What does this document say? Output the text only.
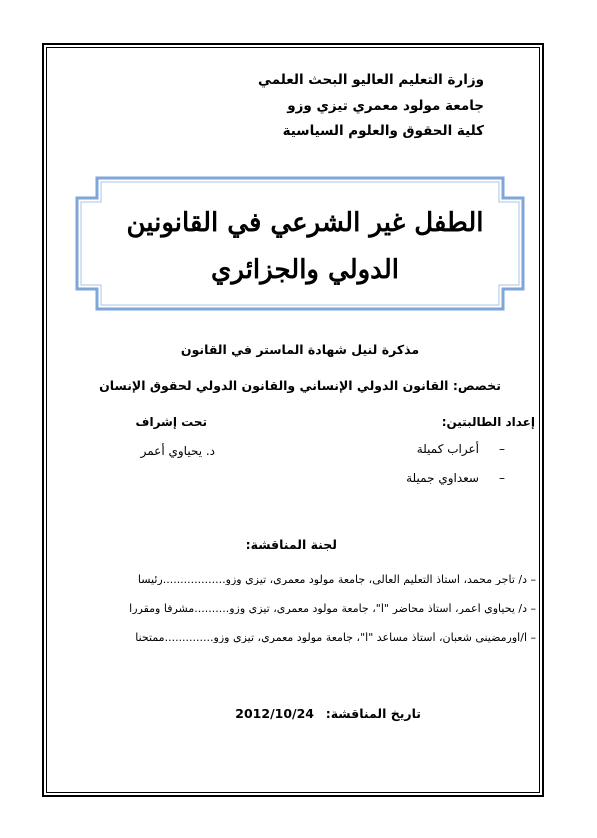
وزارة التعليم العاليو البحث العلمي
جامعة مولود معمري تيزي وزو
كلية الحقوق والعلوم السياسية
الطفل غير الشرعي في القانونين
الدولي والجزائري
مذكرة لنيل شهادة الماستر في القانون
تخصص: القانون الدولي الإنساني والقانون الدولي لحقوق الإنسان
إعداد الطالبتين:
–
أعراب كميلة
–
سعداوي جميلة
تحت إشراف
د. يحياوي أعمر
لجنة المناقشة:
– د/ تاجر محمد، أستاذ التعليم العالي، جامعة مولود معمري، تيزي وزو..................رئيسا
– د/ يحياوي أعمر، أستاذ محاضر "أ"، جامعة مولود معمري، تيزي وزو..........مشرفا ومقررا
– أ/أورمضيني شعبان، أستاذ مساعد "أ"، جامعة مولود معمري، تيزي وزو..............ممتحنا
تاريخ المناقشة:
2012/10/24
